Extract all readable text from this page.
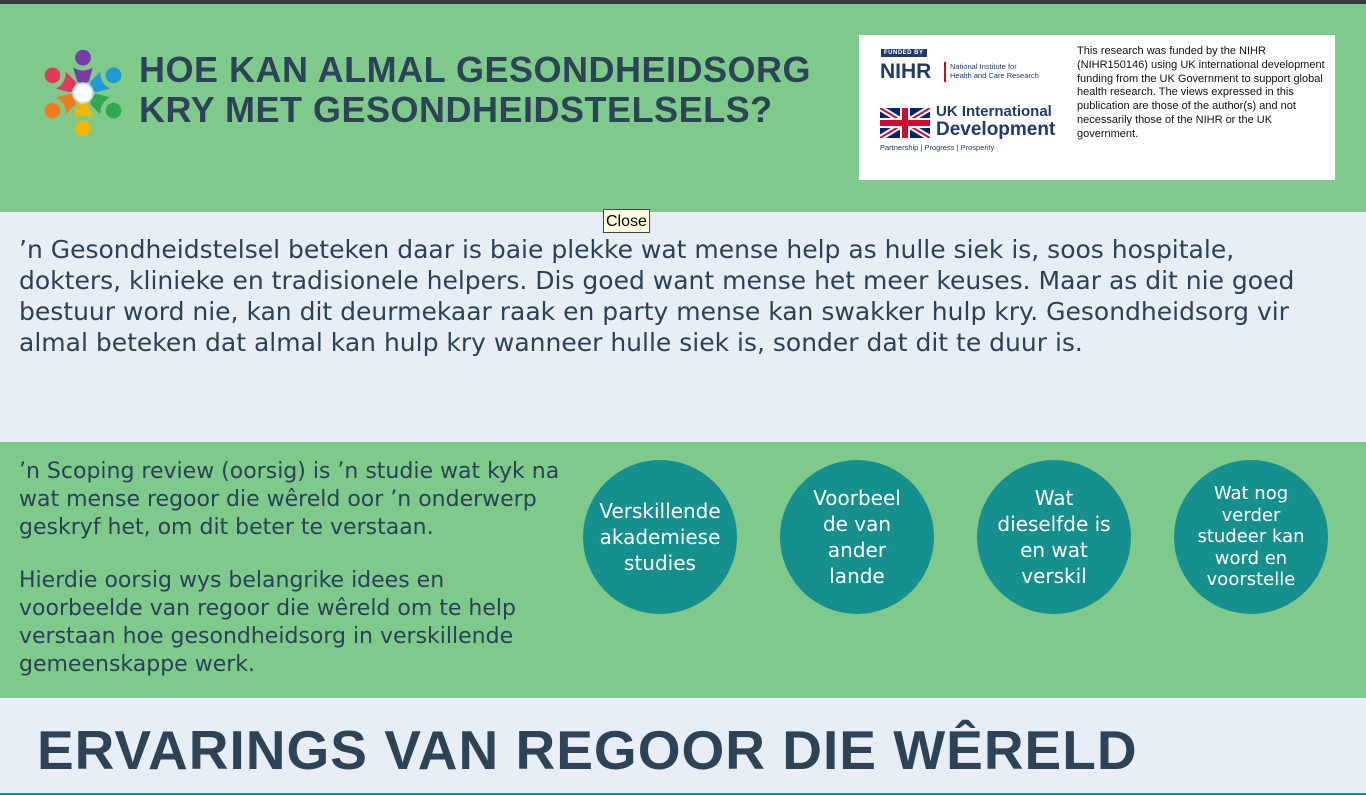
HOE KAN ALMAL GESONDHEIDSORG
KRY MET GESONDHEIDSTELSELS?
FUNDED BY
NIHR National Institute for
Health and Care Research
UK International
Development
Partnership | Progress | Prosperity
This research was funded by the NIHR (NIHR150146) using UK international development funding from the UK Government to support global health research. The views expressed in this publication are those of the author(s) and not necessarily those of the NIHR or the UK government.
Close

’n Gesondheidstelsel beteken daar is baie plekke wat mense help as hulle siek is, soos hospitale, dokters, klinieke en tradisionele helpers. Dis goed want mense het meer keuses. Maar as dit nie goed bestuur word nie, kan dit deurmekaar raak en party mense kan swakker hulp kry. Gesondheidsorg vir almal beteken dat almal kan hulp kry wanneer hulle siek is, sonder dat dit te duur is.

’n Scoping review (oorsig) is ’n studie wat kyk na wat mense regoor die wêreld oor ’n onderwerp geskryf het, om dit beter te verstaan.

Hierdie oorsig wys belangrike idees en voorbeelde van regoor die wêreld om te help verstaan hoe gesondheidsorg in verskillende gemeenskappe werk.

Verskillende akademiese studies
Voorbeel de van ander lande
Wat dieselfde is en wat verskil
Wat nog verder studeer kan word en voorstelle
ERVARINGS VAN REGOOR DIE WÊRELD
